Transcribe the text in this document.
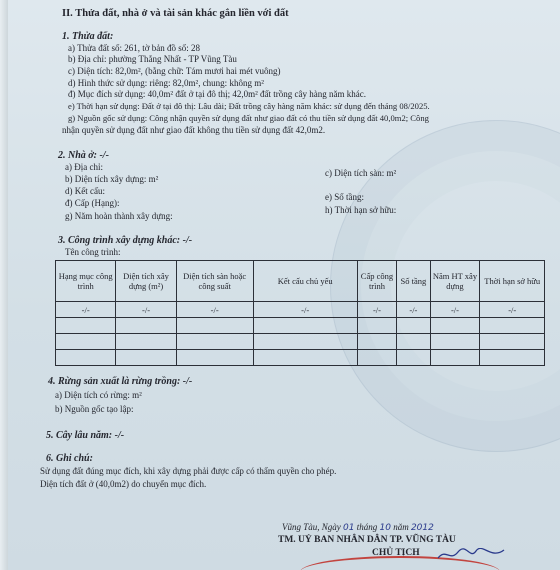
II. Thửa đất, nhà ở và tài sản khác gắn liền với đất
1. Thửa đất:
a) Thửa đất số: 261, tờ bản đồ số: 28
b) Địa chỉ: phường Thắng Nhất - TP Vũng Tàu
c) Diện tích: 82,0m², (bằng chữ: Tám mươi hai mét vuông)
d) Hình thức sử dụng: riêng: 82,0m², chung: không m²
đ) Mục đích sử dụng: 40,0m² đất ở tại đô thị; 42,0m² đất trồng cây hàng năm khác.
e) Thời hạn sử dụng: Đất ở tại đô thị: Lâu dài; Đất trồng cây hàng năm khác: sử dụng đến tháng 08/2025.
g) Nguồn gốc sử dụng: Công nhận quyền sử dụng đất như giao đất có thu tiền sử dụng đất 40,0m2; Công
nhận quyền sử dụng đất như giao đất không thu tiền sử dụng đất 42,0m2.
2. Nhà ở: -/-
a) Địa chỉ:
b) Diện tích xây dựng: m²
c) Diện tích sàn: m²
d) Kết cấu:
đ) Cấp (Hạng):
e) Số tầng:
g) Năm hoàn thành xây dựng:
h) Thời hạn sở hữu:
3. Công trình xây dựng khác: -/-
Tên công trình:
Hạng mục công trình	Diện tích xây dựng (m²)	Diện tích sàn hoặc công suất	Kết cấu chủ yếu	Cấp công trình	Số tầng	Năm HT xây dựng	Thời hạn sở hữu
-/-	-/-	-/-	-/-	-/-	-/-	-/-	-/-

4. Rừng sản xuất là rừng trồng: -/-
a) Diện tích có rừng: m²
b) Nguồn gốc tạo lập:
5. Cây lâu năm: -/-
6. Ghi chú:
Sử dụng đất đúng mục đích, khi xây dựng phải được cấp có thẩm quyền cho phép.
Diện tích đất ở (40,0m2) do chuyển mục đích.
Vũng Tàu, Ngày 01 tháng 10 năm 2012
TM. UỶ BAN NHÂN DÂN TP. VŨNG TÀU
CHỦ TỊCH
